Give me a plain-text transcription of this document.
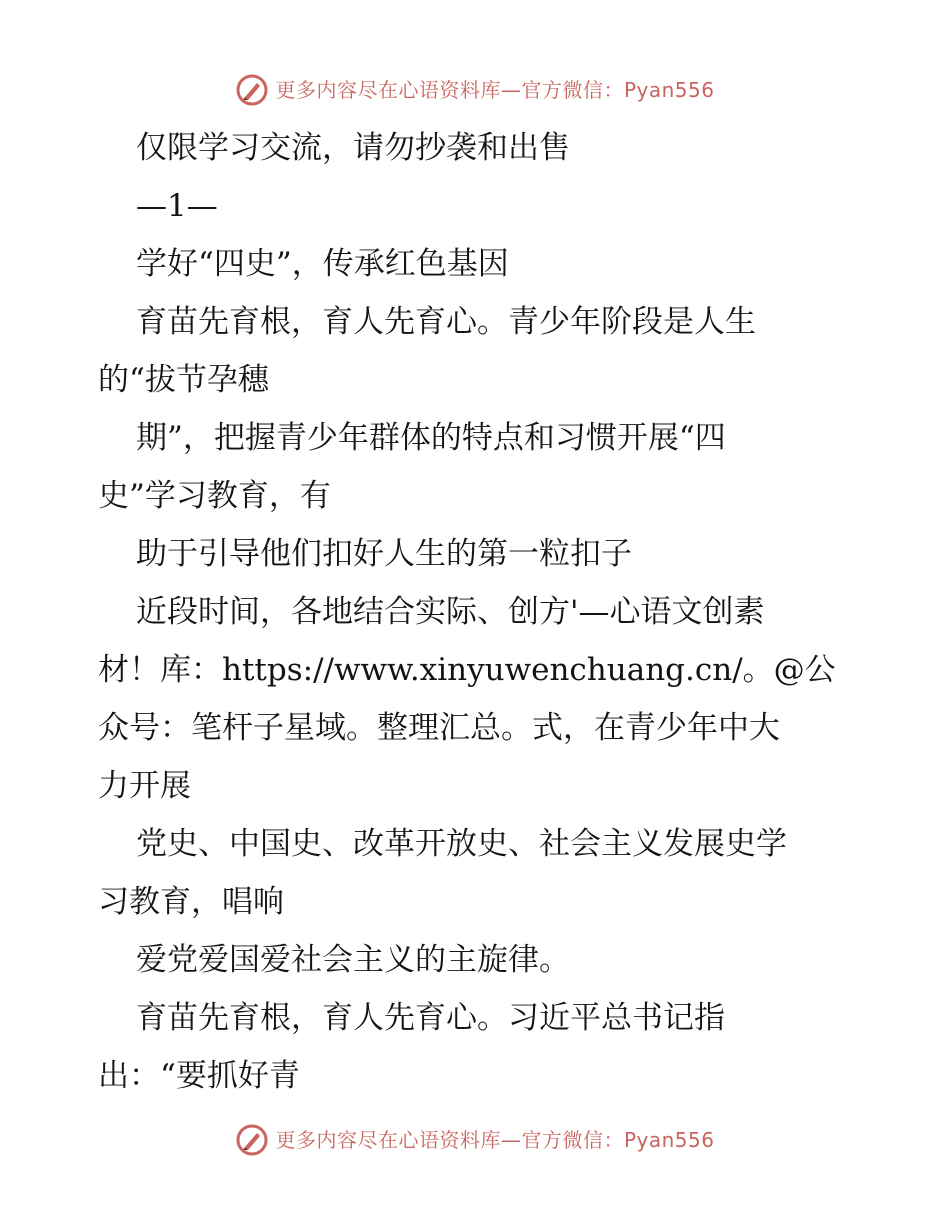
更多内容尽在心语资料库—官方微信：Pyan556
仅限学习交流，请勿抄袭和出售
—1—
学好“四史”，传承红色基因
育苗先育根，育人先育心。青少年阶段是人生
的“拔节孕穗
期”，把握青少年群体的特点和习惯开展“四
史”学习教育，有
助于引导他们扣好人生的第一粒扣子
近段时间，各地结合实际、创方'—心语文创素
材！库：https://www.xinyuwenchuang.cn/。@公
众号：笔杆子星域。整理汇总。式，在青少年中大
力开展
党史、中国史、改革开放史、社会主义发展史学
习教育，唱响
爱党爱国爱社会主义的主旋律。
育苗先育根，育人先育心。习近平总书记指
出：“要抓好青
更多内容尽在心语资料库—官方微信：Pyan556
